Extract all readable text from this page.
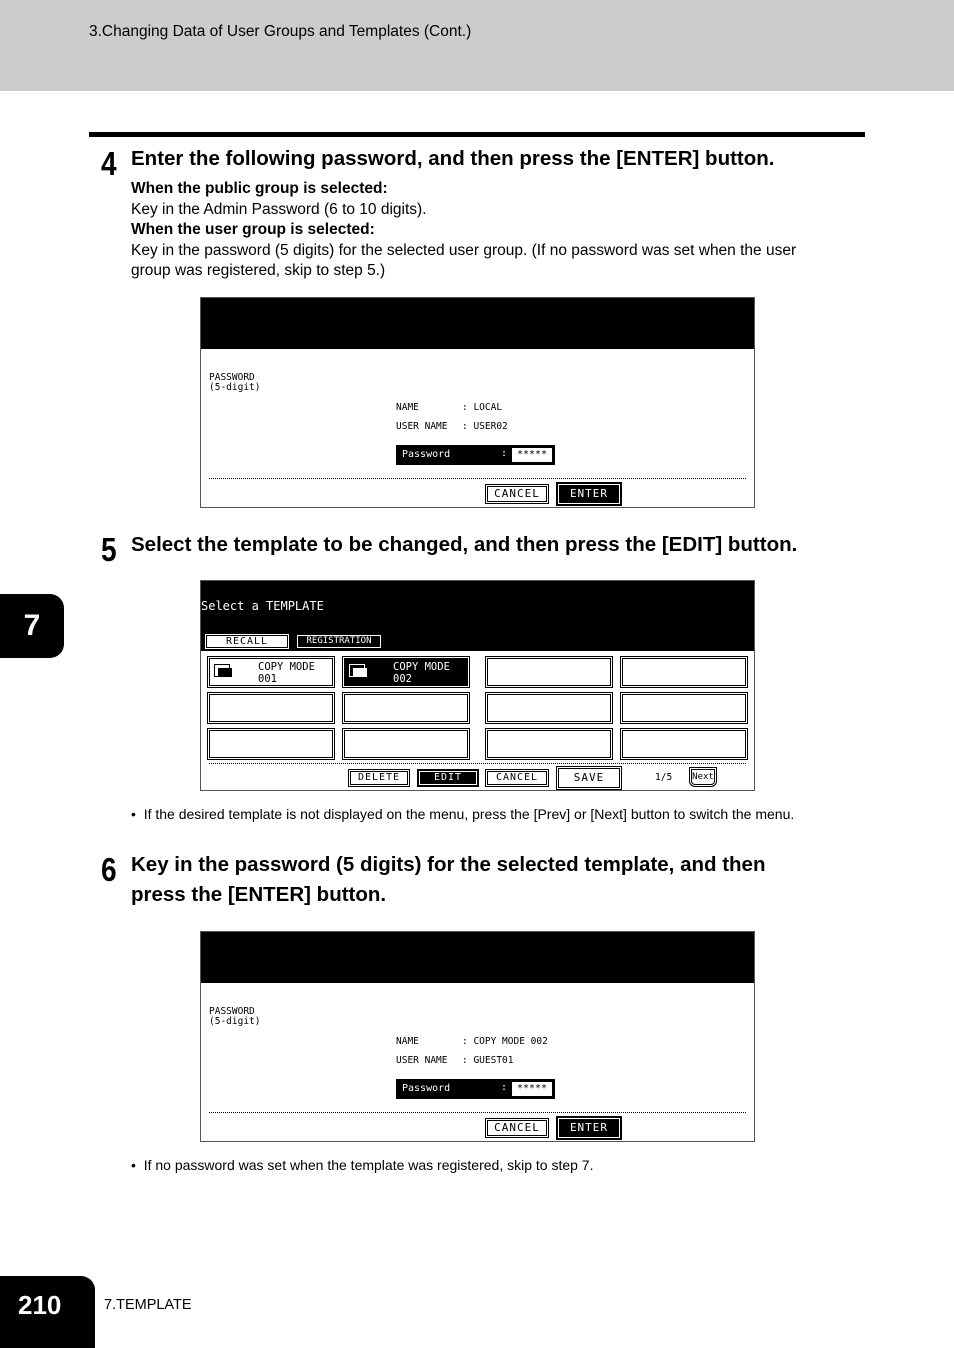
3.Changing Data of User Groups and Templates (Cont.)
4 Enter the following password, and then press the [ENTER] button.
When the public group is selected:
Key in the Admin Password (6 to 10 digits).
When the user group is selected:
Key in the password (5 digits) for the selected user group. (If no password was set when the user
group was registered, skip to step 5.)
PASSWORD
(5-digit)
NAME	: LOCAL
USER NAME : USER02
Password	: *****
CANCEL	ENTER
5 Select the template to be changed, and then press the [EDIT] button.
Select a TEMPLATE
RECALL	REGISTRATION
COPY MODE
001
COPY MODE
002
DELETE	EDIT	CANCEL	SAVE	1/5	Next
• If the desired template is not displayed on the menu, press the [Prev] or [Next] button to switch the menu.
6 Key in the password (5 digits) for the selected template, and then
press the [ENTER] button.
PASSWORD
(5-digit)
NAME	: COPY MODE 002
USER NAME : GUEST01
Password	: *****
CANCEL	ENTER
• If no password was set when the template was registered, skip to step 7.
7
210	7.TEMPLATE
